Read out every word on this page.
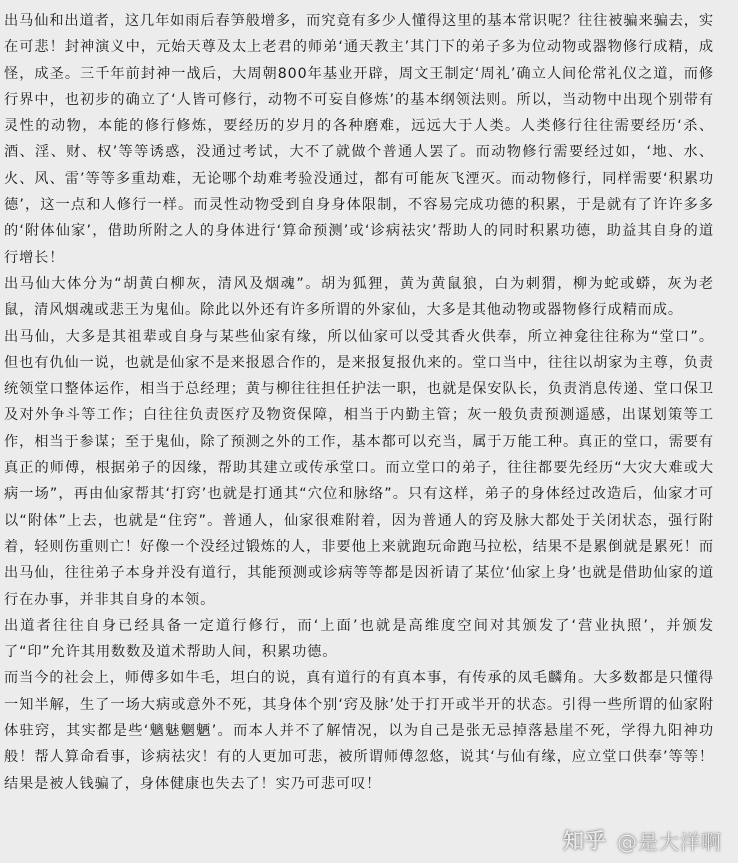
出马仙和出道者，这几年如雨后春笋般增多，而究竟有多少人懂得这里的基本常识呢？往往被骗来骗去，实在可悲！封神演义中，元始天尊及太上老君的师弟‘通天教主’其门下的弟子多为位动物或器物修行成精，成怪，成圣。三千年前封神一战后，大周朝800年基业开辟，周文王制定‘周礼’确立人间伦常礼仪之道，而修行界中，也初步的确立了‘人皆可修行，动物不可妄自修炼’的基本纲领法则。所以，当动物中出现个别带有灵性的动物，本能的修行修炼，要经历的岁月的各种磨难，远远大于人类。人类修行往往需要经历‘杀、酒、淫、财、权’等等诱惑，没通过考试，大不了就做个普通人罢了。而动物修行需要经过如，‘地、水、火、风、雷’等等多重劫难，无论哪个劫难考验没通过，都有可能灰飞湮灭。而动物修行，同样需要‘积累功德’，这一点和人修行一样。而灵性动物受到自身身体限制，不容易完成功德的积累，于是就有了许许多多的‘附体仙家’，借助所附之人的身体进行‘算命预测’或‘诊病祛灾’帮助人的同时积累功德，助益其自身的道行增长！

出马仙大体分为“胡黄白柳灰，清风及烟魂”。胡为狐狸，黄为黄鼠狼，白为刺猬，柳为蛇或蟒，灰为老鼠，清风烟魂或悲王为鬼仙。除此以外还有许多所谓的外家仙，大多是其他动物或器物修行成精而成。

出马仙，大多是其祖辈或自身与某些仙家有缘，所以仙家可以受其香火供奉，所立神龛往往称为“堂口”。但也有仇仙一说，也就是仙家不是来报恩合作的，是来报复报仇来的。堂口当中，往往以胡家为主尊，负责统领堂口整体运作，相当于总经理；黄与柳往往担任护法一职，也就是保安队长，负责消息传递、堂口保卫及对外争斗等工作；白往往负责医疗及物资保障，相当于内勤主管；灰一般负责预测遥感，出谋划策等工作，相当于参谋；至于鬼仙，除了预测之外的工作，基本都可以充当，属于万能工种。真正的堂口，需要有真正的师傅，根据弟子的因缘，帮助其建立或传承堂口。而立堂口的弟子，往往都要先经历“大灾大难或大病一场”，再由仙家帮其‘打窍’也就是打通其“穴位和脉络”。只有这样，弟子的身体经过改造后，仙家才可以“附体”上去，也就是“住窍”。普通人，仙家很难附着，因为普通人的窍及脉大都处于关闭状态，强行附着，轻则伤重则亡！好像一个没经过锻炼的人，非要他上来就跑玩命跑马拉松，结果不是累倒就是累死！而出马仙，往往弟子本身并没有道行，其能预测或诊病等等都是因祈请了某位‘仙家上身’也就是借助仙家的道行在办事，并非其自身的本领。

出道者往往自身已经具备一定道行修行，而‘上面’也就是高维度空间对其颁发了‘营业执照’，并颁发了“印”允许其用数数及道术帮助人间，积累功德。

而当今的社会上，师傅多如牛毛，坦白的说，真有道行的有真本事，有传承的凤毛麟角。大多数都是只懂得一知半解，生了一场大病或意外不死，其身体个别‘窍及脉’处于打开或半开的状态。引得一些所谓的仙家附体驻窍，其实都是些‘魑魅魍魉’。而本人并不了解情况，以为自己是张无忌掉落悬崖不死，学得九阳神功般！帮人算命看事，诊病祛灾！有的人更加可悲，被所谓师傅忽悠，说其‘与仙有缘，应立堂口供奉’等等！结果是被人钱骗了，身体健康也失去了！实乃可悲可叹！

知乎 @是大洋啊
